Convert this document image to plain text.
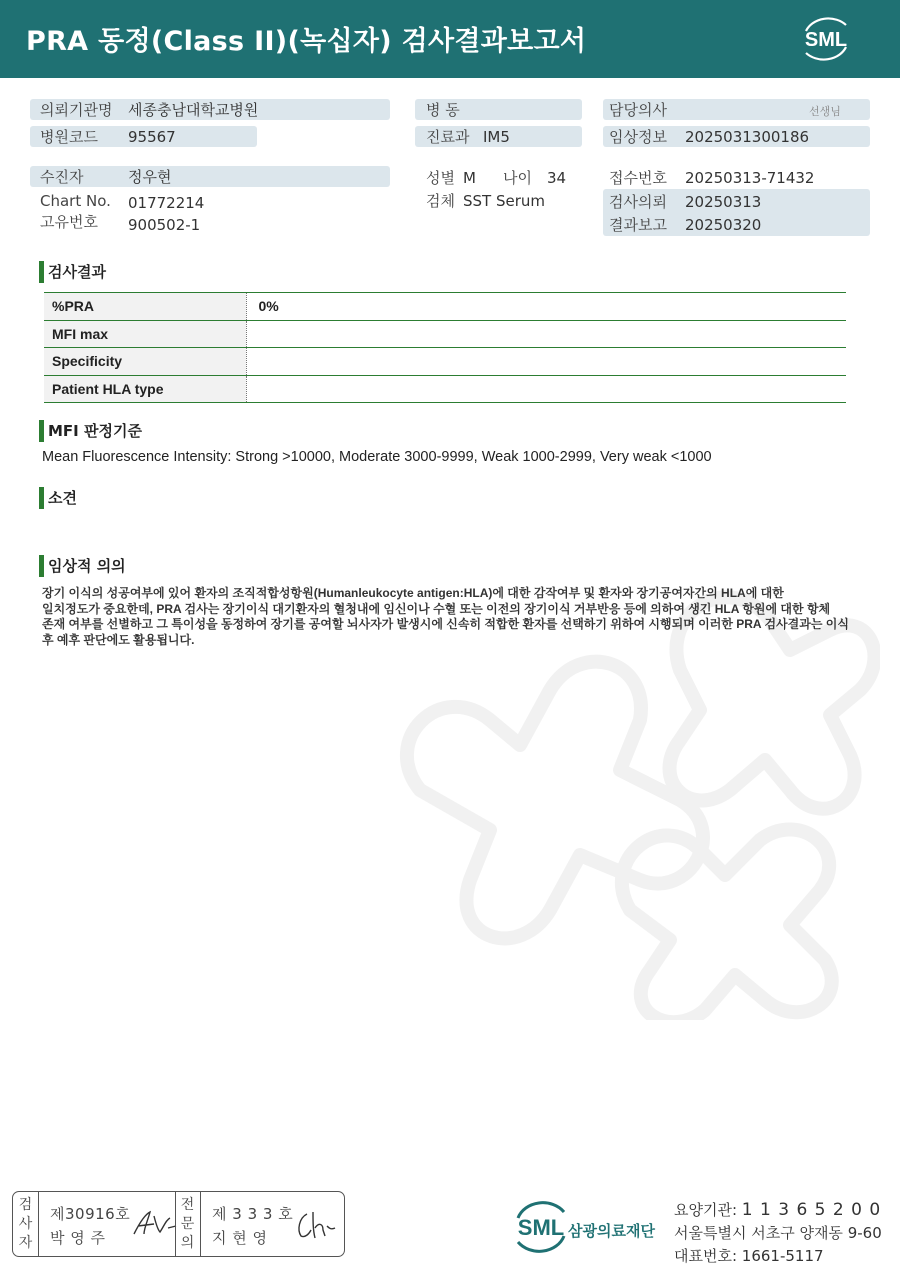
PRA 동정(Class II)(녹십자) 검사결과보고서	SML
의뢰기관명 세종충남대학교병원	병 동	담당의사	선생님
병원코드 95567	진료과 IM5	임상정보 2025031300186
수진자	정우현	성별 M 나이 34	접수번호 20250313-71432
Chart No. 01772214	검체 SST Serum	검사의뢰 20250313
고유번호 900502-1	결과보고 20250320
검사결과
%PRA	0%
MFI max	
Specificity	
Patient HLA type	
MFI 판정기준
Mean Fluorescence Intensity: Strong >10000, Moderate 3000-9999, Weak 1000-2999, Very weak <1000
소견
임상적 의의
장기 이식의 성공여부에 있어 환자의 조직적합성항원(Humanleukocyte antigen:HLA)에 대한 감작여부 및 환자와 장기공여자간의 HLA에 대한
일치정도가 중요한데, PRA 검사는 장기이식 대기환자의 혈청내에 임신이나 수혈 또는 이전의 장기이식 거부반응 등에 의하여 생긴 HLA 항원에 대한 항체
존재 여부를 선별하고 그 특이성을 동정하여 장기를 공여할 뇌사자가 발생시에 신속히 적합한 환자를 선택하기 위하여 시행되며 이러한 PRA 검사결과는 이식
후 예후 판단에도 활용됩니다.
검
사
자
제30916호
박 영 주
전
문
의
제 3 3 3 호
지 현 영	SML 삼광의료재단
요양기관: 1 1 3 6 5 2 0 0
서울특별시 서초구 양재동 9-60
대표번호: 1661-5117
